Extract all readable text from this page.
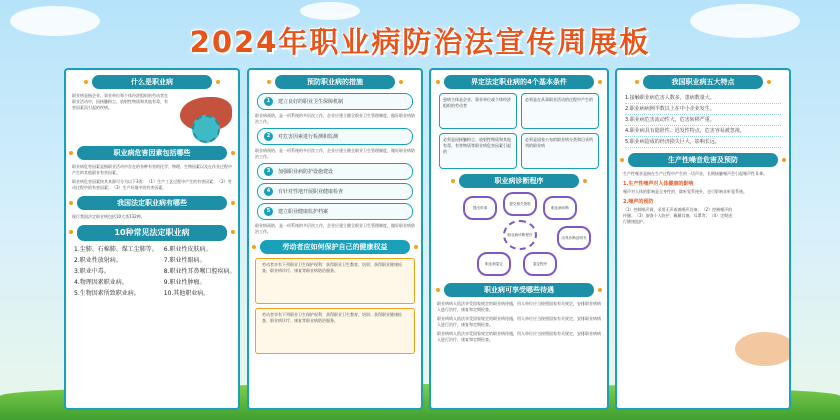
2024年职业病防治法宣传周展板
什么是职业病

职业病是指企业、事业单位和个体经济组织的劳动者在职业活动中，因接触粉尘、放射性物质和其他有毒、有害因素而引起的疾病。

职业病危害因素包括哪些

职业病危害因素是指职业活动中存在的各种有害的化学、物理、生物因素以及在作业过程中产生的其他职业有害因素。

职业病危害因素按其来源可分为以下3类：（1）生产工艺过程中产生的有害因素；（2）劳动过程中的有害因素；（3）生产环境中的有害因素。

我国法定职业病有哪些

现行我国法定职业病包括10大类132种。

10种常见法定职业病
1.尘肺、石棉肺、煤工尘肺等。 6.职业性皮肤病。
2.职业性放射病。	7.职业性眼病。
3.职业中毒。	8.职业性耳鼻喉口腔疾病。
4.物理因素职业病。	9.职业性肿瘤。
5.生物因素所致职业病。	10.其他职业病。
预防职业病的措施
1	建立良好的职业卫生保障机制

职业病预防，是一项系统的多层次工作，企业应建立健全职业卫生管理制度，做好职业病防治工作。

2	对危害因素进行检测和监测

职业病预防，是一项系统的多层次工作，企业应建立健全职业卫生管理制度，做好职业病防治工作。

3	加强职业病防护设施建设
4	有针对性地开展职业健康检查
5	建立职业健康监护档案

职业病预防，是一项系统的多层次工作，企业应建立健全职业卫生管理制度，做好职业病防治工作。

劳动者应如何保护自己的健康权益

劳动者享有下列职业卫生保护权利：获得职业卫生教育、培训；获得职业健康检查、职业病诊疗、康复等职业病防治服务。

劳动者享有下列职业卫生保护权利：获得职业卫生教育、培训；获得职业健康检查、职业病诊疗、康复等职业病防治服务。

界定法定职业病的4个基本条件
患病主体是企业、事业单位或个体经济组织的劳动者
必须是在从事职业活动的过程中产生的
必须是因接触粉尘、放射性物质和其他有毒、有害物质等职业病危害因素引起的
必须是国家公布的职业病分类和目录所列的职业病
职业病诊断程序
职业病诊断程序
提出申请
提交相关资料
职业病诊断
出具诊断证明书
鉴定程序
职业病鉴定
职业病可享受哪些待遇

职业病病人依法享受国家规定的职业病待遇，用人单位应当按照国家有关规定，安排职业病病人进行治疗、康复和定期检查。

职业病病人依法享受国家规定的职业病待遇，用人单位应当按照国家有关规定，安排职业病病人进行治疗、康复和定期检查。

职业病病人依法享受国家规定的职业病待遇，用人单位应当按照国家有关规定，安排职业病病人进行治疗、康复和定期检查。

我国职业病五大特点
1.接触职业病危害人数多，患病数量大。
2.职业病病例半数以上在中小企业发生。
3.职业病危害流动性大，危害转移严重。
4.职业病具有隐匿性、迟发性特点，危害容易被忽视。
5.职业病造成的经济损失巨大，影响长远。
生产性噪音危害及预防

生产性噪音是指在生产过程中产生的一切声音，长期接触噪声会引起噪声性耳聋。

1.生产性噪声对人体健康的影响

噪声对人体的影响是全身性的，除听觉系统外，也可影响非听觉系统。

2.噪声的预防

（1）控制噪声源，采用无声或低噪声设备；（2）控制噪声的传播；（3）加强个人防护，佩戴耳塞、耳罩等；（4）定期进行健康监护。
